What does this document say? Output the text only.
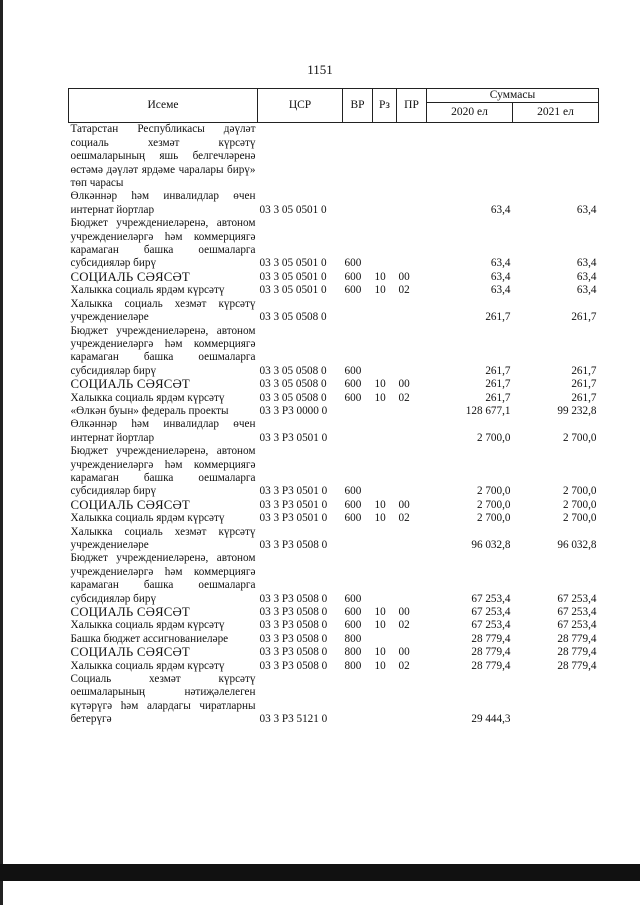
1151
Исеме	ЦСР	ВР	Рз	ПР	Суммасы	
					2020 ел	2021 ел
Татарстан Республикасы дәүләт социаль хезмәт күрсәтү оешмаларының яшь белгечләренә өстәмә дәүләт ярдәме чаралары бирү» төп чарасы						
Өлкәннәр һәм инвалидлар өчен интернат йортлар	03 3 05 0501 0				63,4	63,4
Бюджет учреждениеләренә, автоном учреждениеләргә һәм коммерциягә карамаган башка оешмаларга субсидияләр бирү	03 3 05 0501 0	600			63,4	63,4
СОЦИАЛЬ СӘЯСӘТ	03 3 05 0501 0	600	10	00	63,4	63,4
Халыкка социаль ярдәм күрсәтү	03 3 05 0501 0	600	10	02	63,4	63,4
Халыкка социаль хезмәт күрсәтү учреждениеләре	03 3 05 0508 0				261,7	261,7
Бюджет учреждениеләренә, автоном учреждениеләргә һәм коммерциягә карамаган башка оешмаларга субсидияләр бирү	03 3 05 0508 0	600			261,7	261,7
СОЦИАЛЬ СӘЯСӘТ	03 3 05 0508 0	600	10	00	261,7	261,7
Халыкка социаль ярдәм күрсәтү	03 3 05 0508 0	600	10	02	261,7	261,7
«Өлкән буын» федераль проекты	03 3 P3 0000 0				128 677,1	99 232,8
Өлкәннәр һәм инвалидлар өчен интернат йортлар	03 3 P3 0501 0				2 700,0	2 700,0
Бюджет учреждениеләренә, автоном учреждениеләргә һәм коммерциягә карамаган башка оешмаларга субсидияләр бирү	03 3 P3 0501 0	600			2 700,0	2 700,0
СОЦИАЛЬ СӘЯСӘТ	03 3 P3 0501 0	600	10	00	2 700,0	2 700,0
Халыкка социаль ярдәм күрсәтү	03 3 P3 0501 0	600	10	02	2 700,0	2 700,0
Халыкка социаль хезмәт күрсәтү учреждениеләре	03 3 P3 0508 0				96 032,8	96 032,8
Бюджет учреждениеләренә, автоном учреждениеләргә һәм коммерциягә карамаган башка оешмаларга субсидияләр бирү	03 3 P3 0508 0	600			67 253,4	67 253,4
СОЦИАЛЬ СӘЯСӘТ	03 3 P3 0508 0	600	10	00	67 253,4	67 253,4
Халыкка социаль ярдәм күрсәтү	03 3 P3 0508 0	600	10	02	67 253,4	67 253,4
Башка бюджет ассигнованиеләре	03 3 P3 0508 0	800			28 779,4	28 779,4
СОЦИАЛЬ СӘЯСӘТ	03 3 P3 0508 0	800	10	00	28 779,4	28 779,4
Халыкка социаль ярдәм күрсәтү	03 3 P3 0508 0	800	10	02	28 779,4	28 779,4
Социаль хезмәт күрсәтү оешмаларының нәтиҗәлелеген күтәрүгә һәм алардагы чиратларны бетерүгә	03 3 P3 5121 0				29 444,3	
